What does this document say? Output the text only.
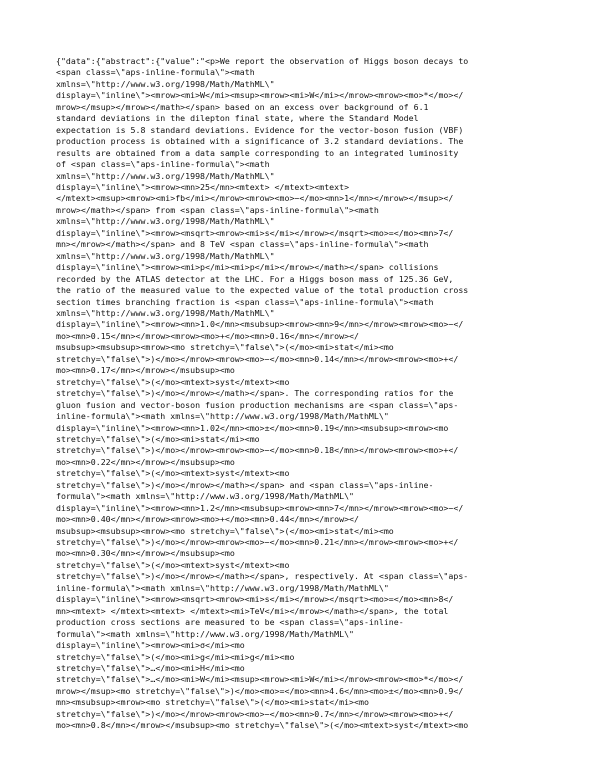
{"data":{"abstract":{"value":"<p>We report the observation of Higgs boson decays to
<span class=\"aps-inline-formula\"><math
xmlns=\"http://www.w3.org/1998/Math/MathML\"
display=\"inline\"><mrow><mi>W</mi><msup><mrow><mi>W</mi></mrow><mrow><mo>*</mo></
mrow></msup></mrow></math></span> based on an excess over background of 6.1
standard deviations in the dilepton final state, where the Standard Model
expectation is 5.8 standard deviations. Evidence for the vector-boson fusion (VBF)
production process is obtained with a significance of 3.2 standard deviations. The
results are obtained from a data sample corresponding to an integrated luminosity
of <span class=\"aps-inline-formula\"><math
xmlns=\"http://www.w3.org/1998/Math/MathML\"
display=\"inline\"><mrow><mn>25</mn><mtext> </mtext><mtext>
</mtext><msup><mrow><mi>fb</mi></mrow><mrow><mo>−</mo><mn>1</mn></mrow></msup></
mrow></math></span> from <span class=\"aps-inline-formula\"><math
xmlns=\"http://www.w3.org/1998/Math/MathML\"
display=\"inline\"><mrow><msqrt><mrow><mi>s</mi></mrow></msqrt><mo>=</mo><mn>7</
mn></mrow></math></span> and 8 TeV <span class=\"aps-inline-formula\"><math
xmlns=\"http://www.w3.org/1998/Math/MathML\"
display=\"inline\"><mrow><mi>p</mi><mi>p</mi></mrow></math></span> collisions
recorded by the ATLAS detector at the LHC. For a Higgs boson mass of 125.36 GeV,
the ratio of the measured value to the expected value of the total production cross
section times branching fraction is <span class=\"aps-inline-formula\"><math
xmlns=\"http://www.w3.org/1998/Math/MathML\"
display=\"inline\"><mrow><mn>1.0</mn><msubsup><mrow><mn>9</mn></mrow><mrow><mo>−</
mo><mn>0.15</mn></mrow><mrow><mo>+</mo><mn>0.16</mn></mrow></
msubsup><msubsup><mrow><mo stretchy=\"false\">(</mo><mi>stat</mi><mo
stretchy=\"false\">)</mo></mrow><mrow><mo>−</mo><mn>0.14</mn></mrow><mrow><mo>+</
mo><mn>0.17</mn></mrow></msubsup><mo
stretchy=\"false\">(</mo><mtext>syst</mtext><mo
stretchy=\"false\">)</mo></mrow></math></span>. The corresponding ratios for the
gluon fusion and vector-boson fusion production mechanisms are <span class=\"aps-
inline-formula\"><math xmlns=\"http://www.w3.org/1998/Math/MathML\"
display=\"inline\"><mrow><mn>1.02</mn><mo>±</mo><mn>0.19</mn><msubsup><mrow><mo
stretchy=\"false\">(</mo><mi>stat</mi><mo
stretchy=\"false\">)</mo></mrow><mrow><mo>−</mo><mn>0.18</mn></mrow><mrow><mo>+</
mo><mn>0.22</mn></mrow></msubsup><mo
stretchy=\"false\">(</mo><mtext>syst</mtext><mo
stretchy=\"false\">)</mo></mrow></math></span> and <span class=\"aps-inline-
formula\"><math xmlns=\"http://www.w3.org/1998/Math/MathML\"
display=\"inline\"><mrow><mn>1.2</mn><msubsup><mrow><mn>7</mn></mrow><mrow><mo>−</
mo><mn>0.40</mn></mrow><mrow><mo>+</mo><mn>0.44</mn></mrow></
msubsup><msubsup><mrow><mo stretchy=\"false\">(</mo><mi>stat</mi><mo
stretchy=\"false\">)</mo></mrow><mrow><mo>−</mo><mn>0.21</mn></mrow><mrow><mo>+</
mo><mn>0.30</mn></mrow></msubsup><mo
stretchy=\"false\">(</mo><mtext>syst</mtext><mo
stretchy=\"false\">)</mo></mrow></math></span>, respectively. At <span class=\"aps-
inline-formula\"><math xmlns=\"http://www.w3.org/1998/Math/MathML\"
display=\"inline\"><mrow><msqrt><mrow><mi>s</mi></mrow></msqrt><mo>=</mo><mn>8</
mn><mtext> </mtext><mtext> </mtext><mi>TeV</mi></mrow></math></span>, the total
production cross sections are measured to be <span class=\"aps-inline-
formula\"><math xmlns=\"http://www.w3.org/1998/Math/MathML\"
display=\"inline\"><mrow><mi>σ</mi><mo
stretchy=\"false\">(</mo><mi>g</mi><mi>g</mi><mo
stretchy=\"false\">…</mo><mi>H</mi><mo
stretchy=\"false\">…</mo><mi>W</mi><msup><mrow><mi>W</mi></mrow><mrow><mo>*</mo></
mrow></msup><mo stretchy=\"false\">)</mo><mo>=</mo><mn>4.6</mn><mo>±</mo><mn>0.9</
mn><msubsup><mrow><mo stretchy=\"false\">(</mo><mi>stat</mi><mo
stretchy=\"false\">)</mo></mrow><mrow><mo>−</mo><mn>0.7</mn></mrow><mrow><mo>+</
mo><mn>0.8</mn></mrow></msubsup><mo stretchy=\"false\">(</mo><mtext>syst</mtext><mo
